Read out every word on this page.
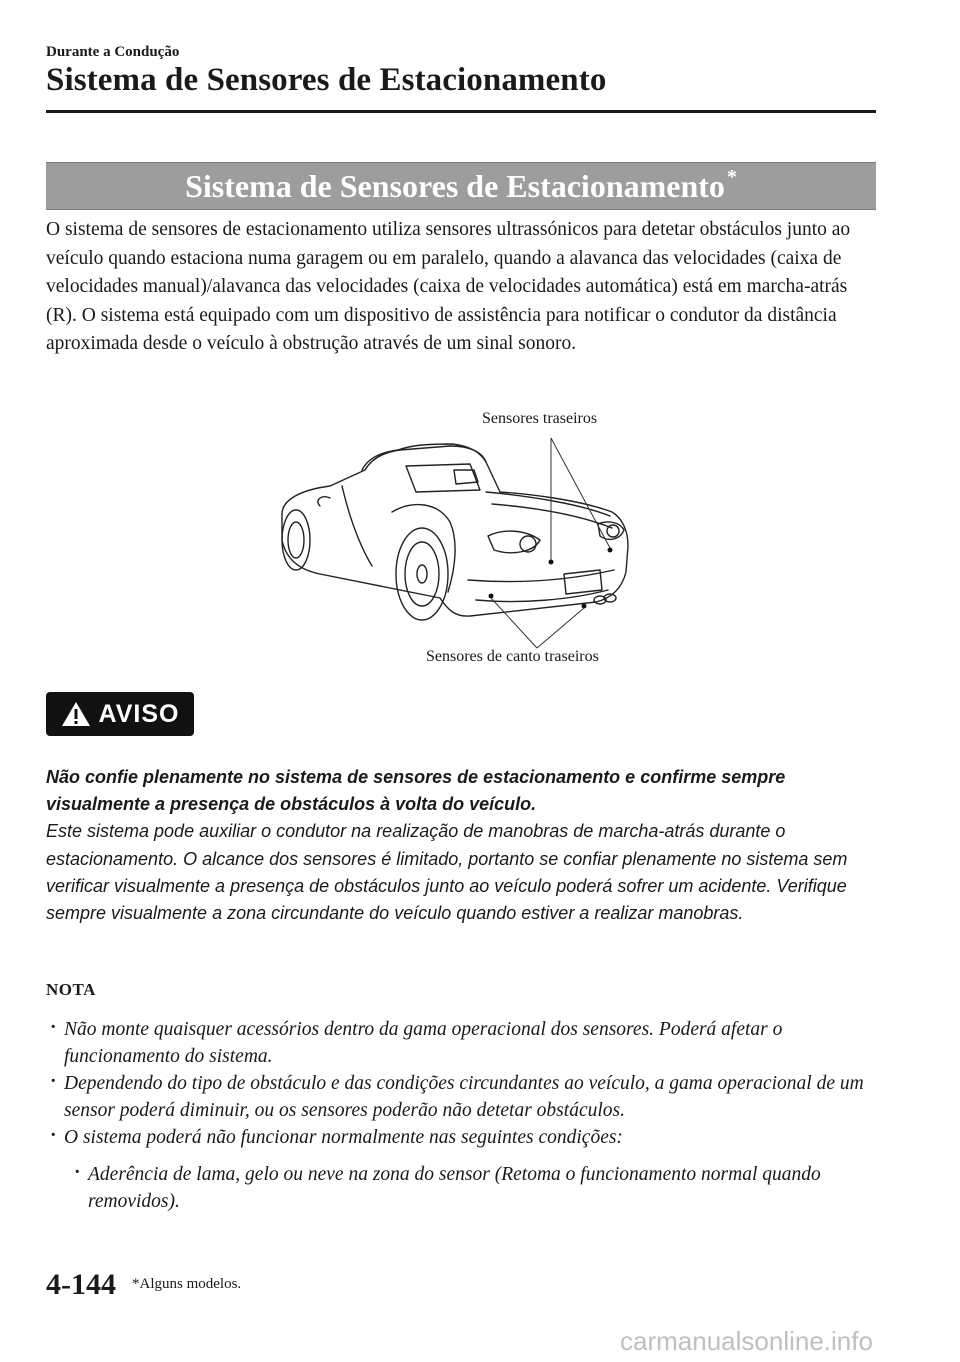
Durante a Condução
Sistema de Sensores de Estacionamento
Sistema de Sensores de Estacionamento *

O sistema de sensores de estacionamento utiliza sensores ultrassónicos para detetar obstáculos junto ao veículo quando estaciona numa garagem ou em paralelo, quando a alavanca das velocidades (caixa de velocidades manual)/alavanca das velocidades (caixa de velocidades automática) está em marcha-atrás (R). O sistema está equipado com um dispositivo de assistência para notificar o condutor da distância aproximada desde o veículo à obstrução através de um sinal sonoro.

Sensores traseiros
Sensores de canto traseiros
AVISO

Não confie plenamente no sistema de sensores de estacionamento e confirme sempre visualmente a presença de obstáculos à volta do veículo.

Este sistema pode auxiliar o condutor na realização de manobras de marcha-atrás durante o estacionamento. O alcance dos sensores é limitado, portanto se confiar plenamente no sistema sem verificar visualmente a presença de obstáculos junto ao veículo poderá sofrer um acidente. Verifique sempre visualmente a zona circundante do veículo quando estiver a realizar manobras.

NOTA
· Não monte quaisquer acessórios dentro da gama operacional dos sensores. Poderá afetar o funcionamento do sistema.
· Dependendo do tipo de obstáculo e das condições circundantes ao veículo, a gama operacional de um sensor poderá diminuir, ou os sensores poderão não detetar obstáculos.
· O sistema poderá não funcionar normalmente nas seguintes condições:
· Aderência de lama, gelo ou neve na zona do sensor (Retoma o funcionamento normal quando removidos).
4-144 *Alguns modelos.
carmanualsonline.info
